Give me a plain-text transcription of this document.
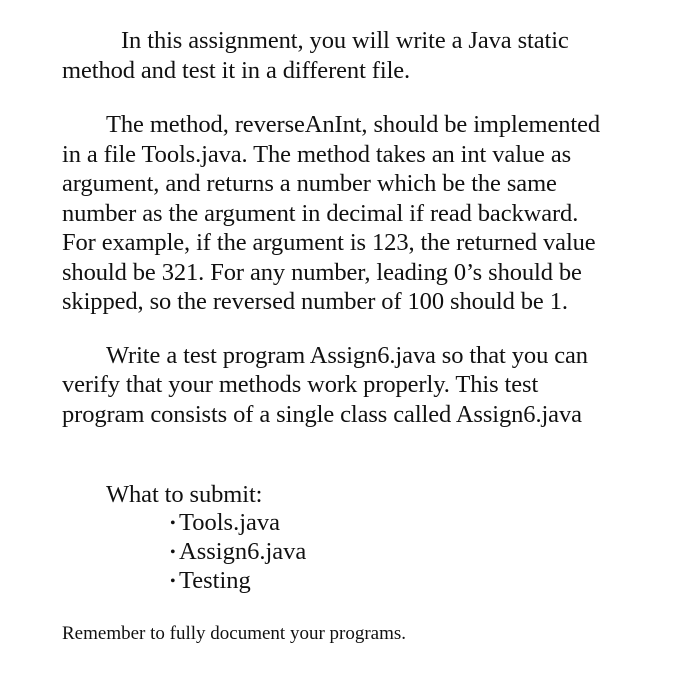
In this assignment, you will write a Java static
method and test it in a different file.
The method, reverseAnInt, should be implemented
in a file Tools.java. The method takes an int value as
argument, and returns a number which be the same
number as the argument in decimal if read backward.
For example, if the argument is 123, the returned value
should be 321. For any number, leading 0’s should be
skipped, so the reversed number of 100 should be 1.
Write a test program Assign6.java so that you can
verify that your methods work properly. This test
program consists of a single class called Assign6.java
What to submit:
• Tools.java
• Assign6.java
• Testing
Remember to fully document your programs.
